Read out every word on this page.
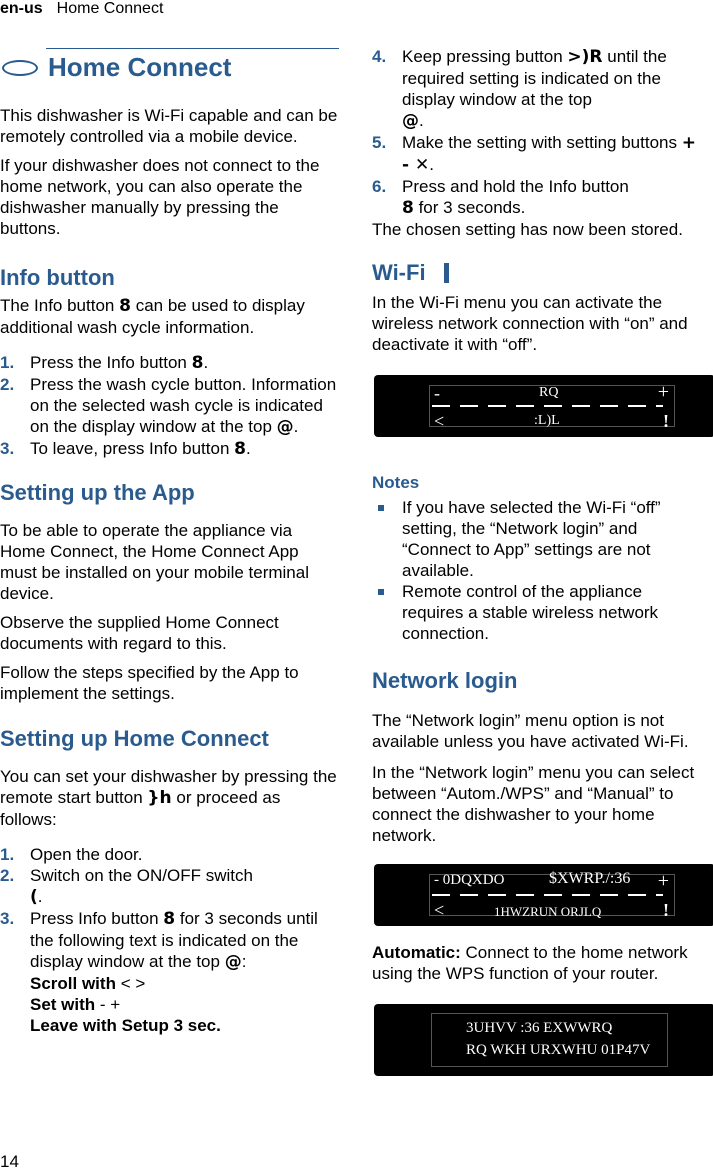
en-us Home Connect
Home Connect

This dishwasher is Wi-Fi capable and can be remotely controlled via a mobile device.

If your dishwasher does not connect to the home network, you can also operate the dishwasher manually by pressing the buttons.

Info button

The Info button 8 can be used to display additional wash cycle information.

1. Press the Info button 8.
2. Press the wash cycle button. Information on the selected wash cycle is indicated on the display window at the top @.
3. To leave, press Info button 8.
Setting up the App

To be able to operate the appliance via Home Connect, the Home Connect App must be installed on your mobile terminal device.

Observe the supplied Home Connect documents with regard to this.

Follow the steps specified by the App to implement the settings.

Setting up Home Connect

You can set your dishwasher by pressing the remote start button }h or proceed as follows:

1. Open the door.
2. Switch on the ON/OFF switch
(.
3. Press Info button 8 for 3 seconds until the following text is indicated on the display window at the top @:
Scroll with < >
Set with - +
Leave with Setup 3 sec.
4. Keep pressing button >)R until the required setting is indicated on the display window at the top
@.
5. Make the setting with setting buttons + - ✕.
6. Press and hold the Info button
8 for 3 seconds.

The chosen setting has now been stored.

Wi-Fi

In the Wi-Fi menu you can activate the wireless network connection with “on” and deactivate it with “off”.

-	RQ	+
<	:L)L	!
Notes
If you have selected the Wi-Fi “off” setting, the “Network login” and “Connect to App” settings are not available.
Remote control of the appliance requires a stable wireless network connection.
Network login

The “Network login” menu option is not available unless you have activated Wi-Fi.

In the “Network login” menu you can select between “Autom./WPS” and “Manual” to connect the dishwasher to your home network.

- 0DQXDO	$XWRP./:36 +
<	1HWZRUN ORJLQ	!

Automatic: Connect to the home network using the WPS function of your router.

3UHVV :36 EXWWRQ
RQ WKH URXWHU 01P47V
14
